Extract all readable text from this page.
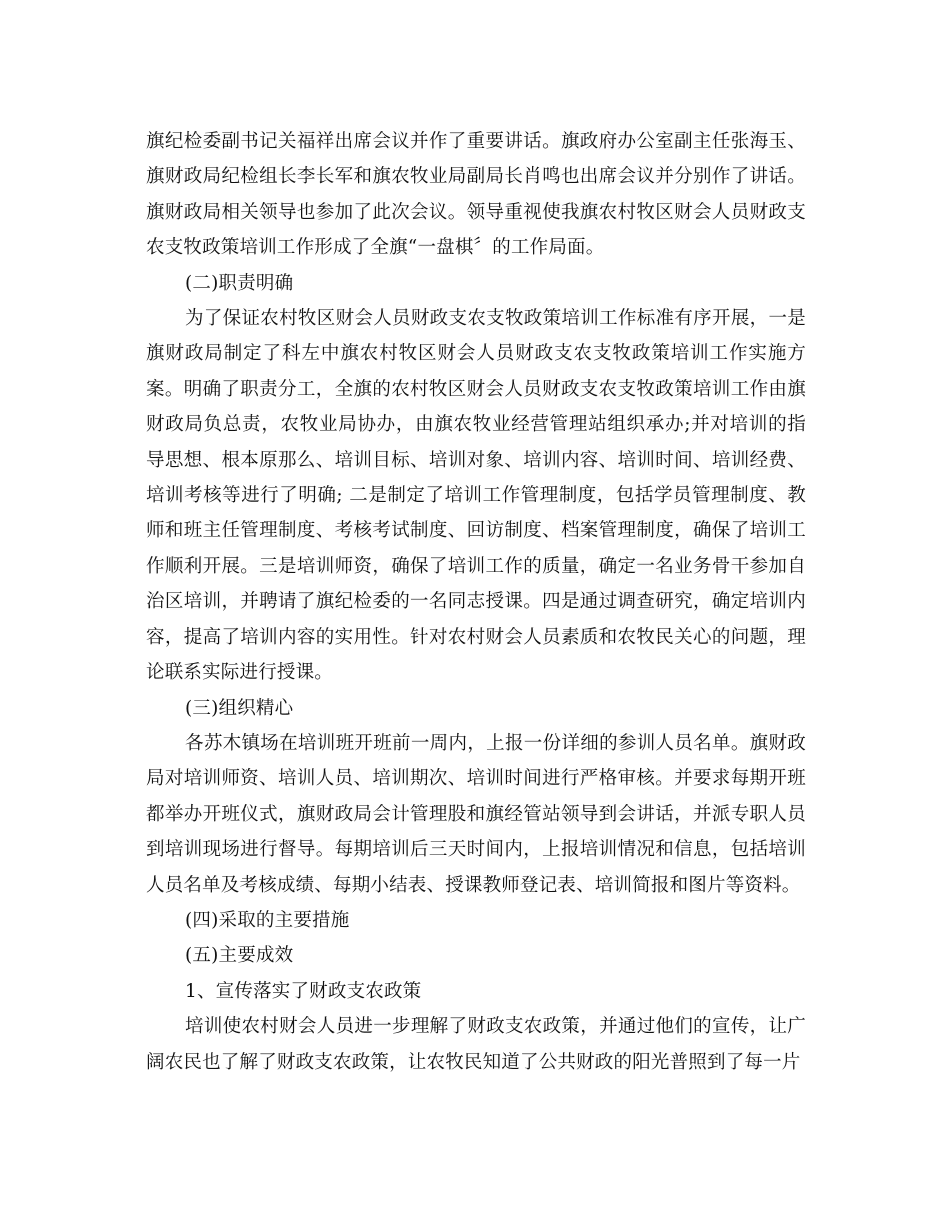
旗纪检委副书记关福祥出席会议并作了重要讲话。旗政府办公室副主任张海玉、旗财政局纪检组长李长军和旗农牧业局副局长肖鸣也出席会议并分别作了讲话。旗财政局相关领导也参加了此次会议。领导重视使我旗农村牧区财会人员财政支农支牧政策培训工作形成了全旗“一盘棋〞的工作局面。

(二)职责明确

为了保证农村牧区财会人员财政支农支牧政策培训工作标准有序开展，一是旗财政局制定了科左中旗农村牧区财会人员财政支农支牧政策培训工作实施方案。明确了职责分工，全旗的农村牧区财会人员财政支农支牧政策培训工作由旗财政局负总责，农牧业局协办，由旗农牧业经营管理站组织承办;并对培训的指导思想、根本原那么、培训目标、培训对象、培训内容、培训时间、培训经费、培训考核等进行了明确; 二是制定了培训工作管理制度，包括学员管理制度、教师和班主任管理制度、考核考试制度、回访制度、档案管理制度，确保了培训工作顺利开展。三是培训师资，确保了培训工作的质量，确定一名业务骨干参加自治区培训，并聘请了旗纪检委的一名同志授课。四是通过调查研究，确定培训内容，提高了培训内容的实用性。针对农村财会人员素质和农牧民关心的问题，理论联系实际进行授课。

(三)组织精心

各苏木镇场在培训班开班前一周内，上报一份详细的参训人员名单。旗财政局对培训师资、培训人员、培训期次、培训时间进行严格审核。并要求每期开班都举办开班仪式，旗财政局会计管理股和旗经管站领导到会讲话，并派专职人员到培训现场进行督导。每期培训后三天时间内，上报培训情况和信息，包括培训人员名单及考核成绩、每期小结表、授课教师登记表、培训简报和图片等资料。

(四)采取的主要措施

(五)主要成效

1、宣传落实了财政支农政策

培训使农村财会人员进一步理解了财政支农政策，并通过他们的宣传，让广阔农民也了解了财政支农政策，让农牧民知道了公共财政的阳光普照到了每一片
